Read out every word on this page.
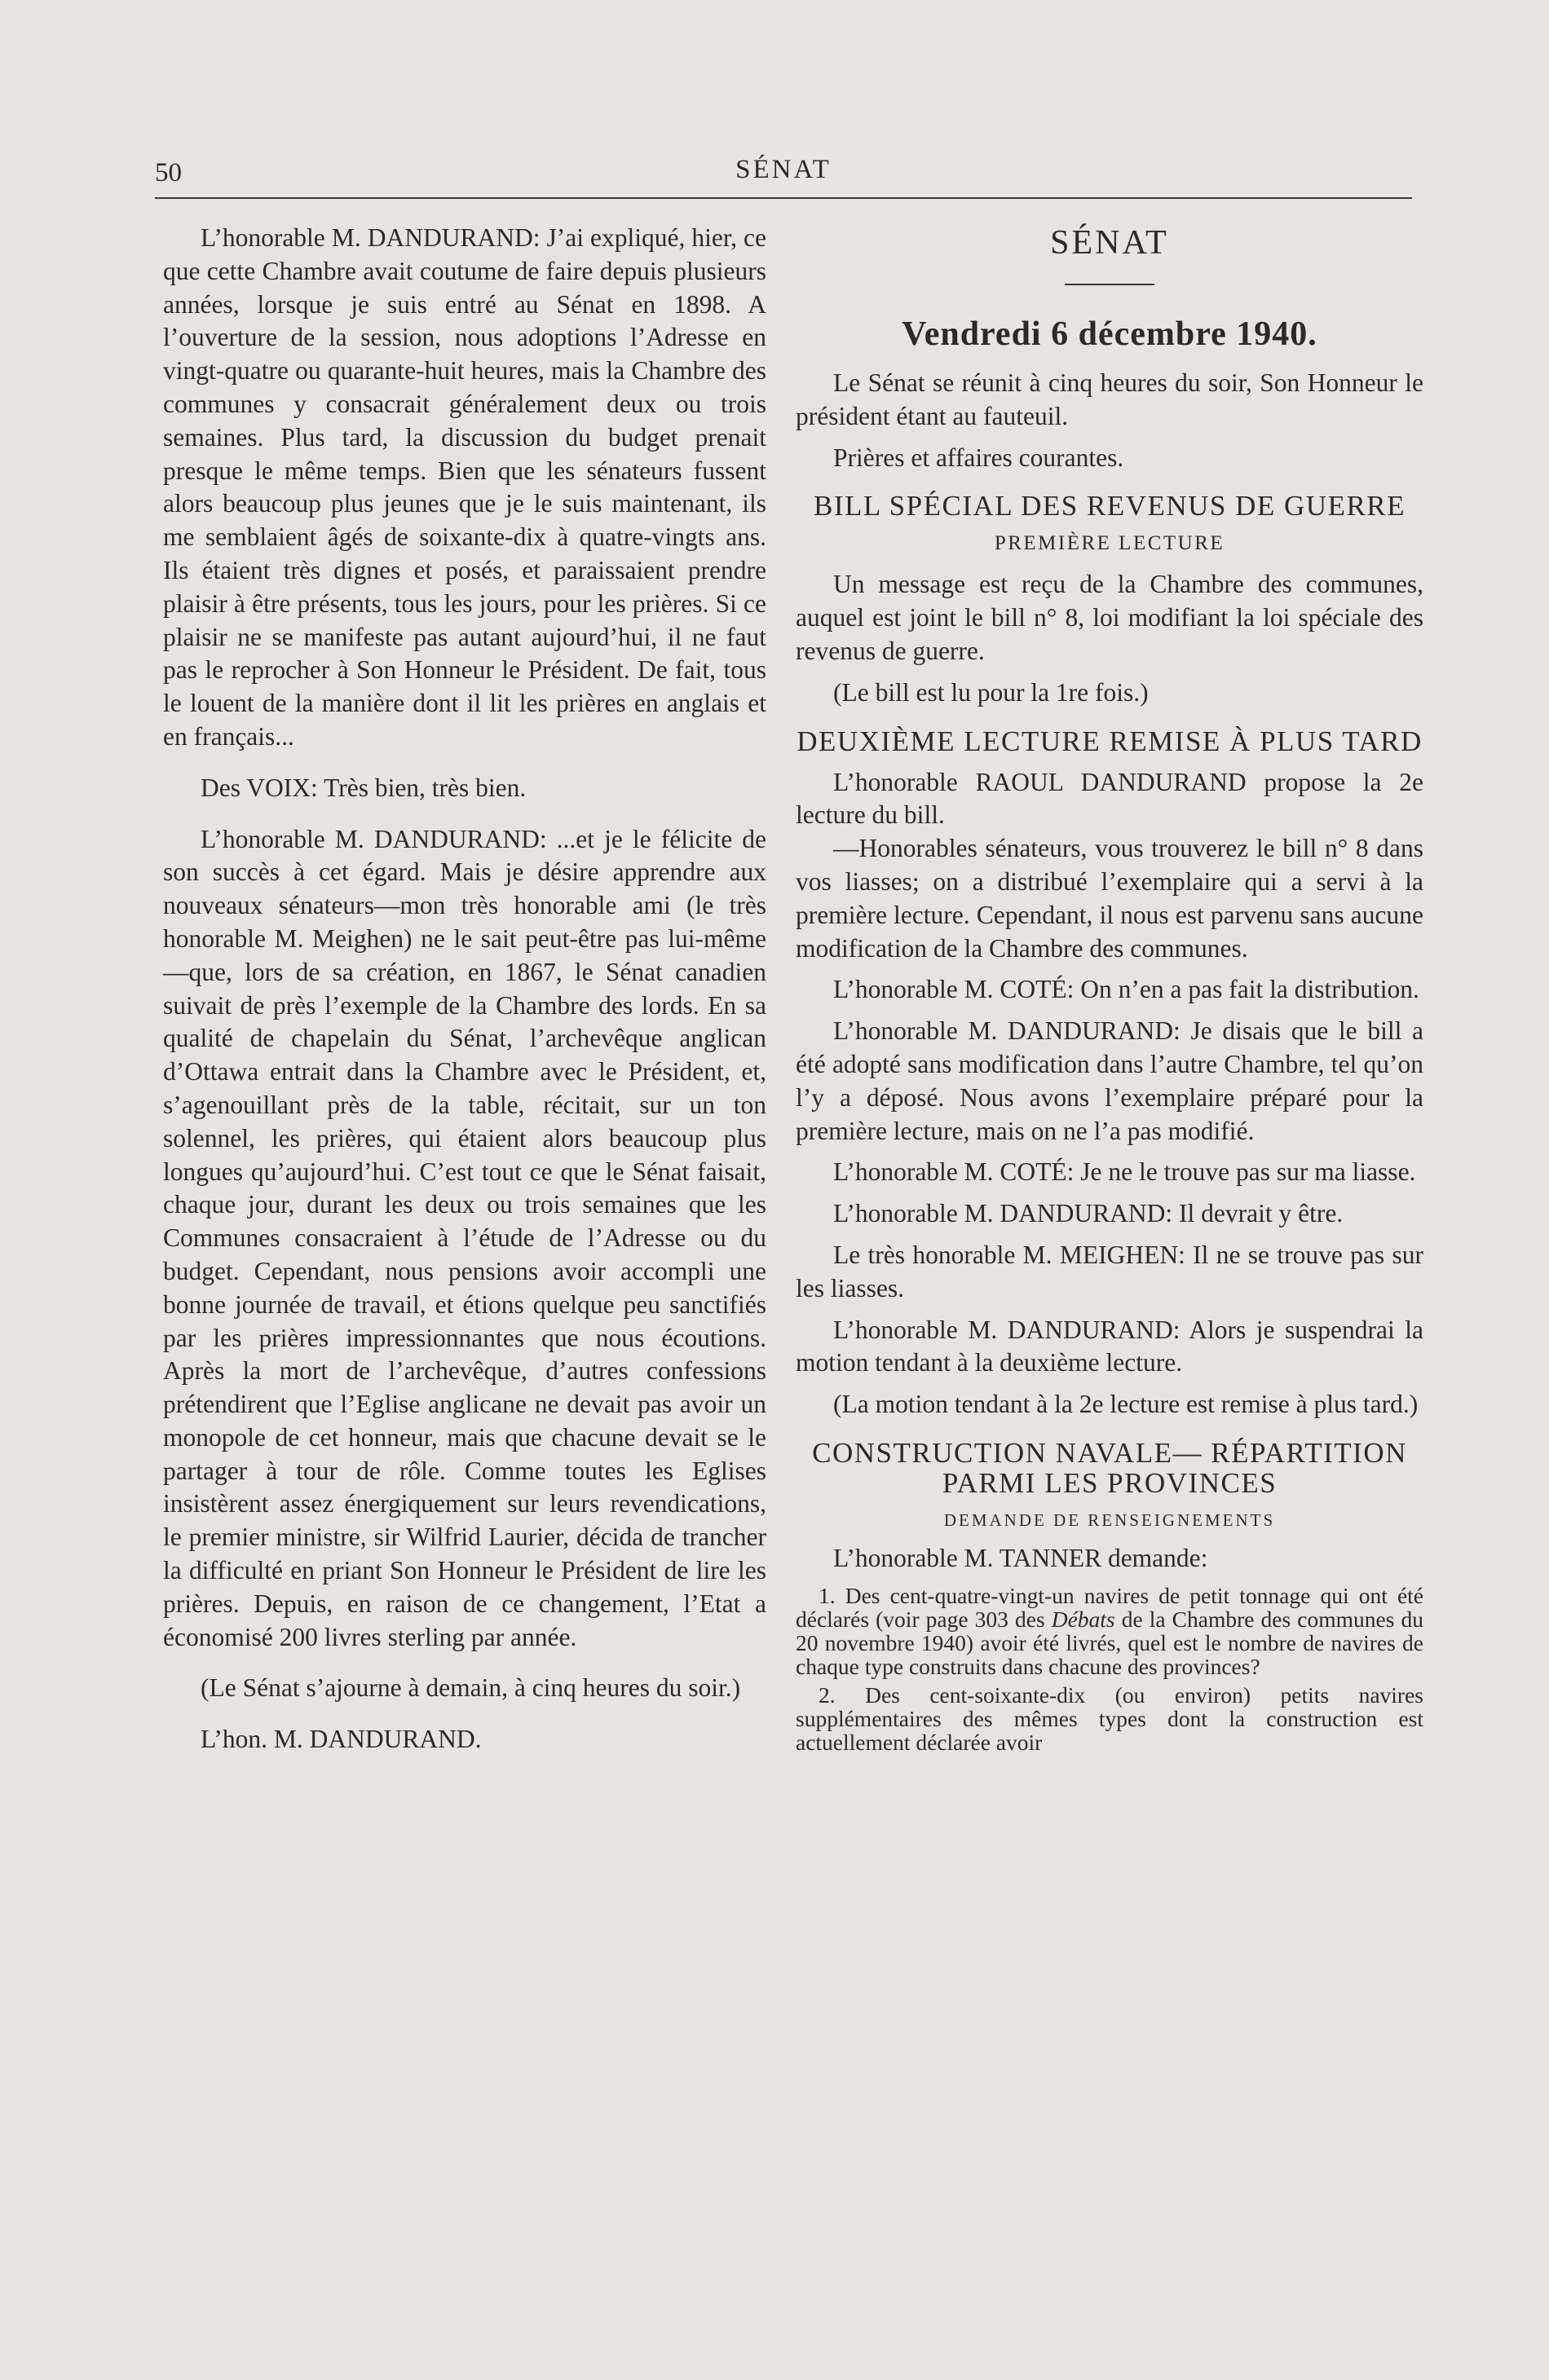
50	SÉNAT

L’honorable M. DANDURAND: J’ai expliqué, hier, ce que cette Chambre avait coutume de faire depuis plusieurs années, lorsque je suis entré au Sénat en 1898. A l’ouverture de la session, nous adoptions l’Adresse en vingt-quatre ou quarante-huit heures, mais la Chambre des communes y consacrait généralement deux ou trois semaines. Plus tard, la discussion du budget prenait presque le même temps. Bien que les sénateurs fussent alors beaucoup plus jeunes que je le suis maintenant, ils me semblaient âgés de soixante-dix à quatre-vingts ans. Ils étaient très dignes et posés, et paraissaient prendre plaisir à être présents, tous les jours, pour les prières. Si ce plaisir ne se manifeste pas autant aujourd’hui, il ne faut pas le reprocher à Son Honneur le Président. De fait, tous le louent de la manière dont il lit les prières en anglais et en français...

Des VOIX: Très bien, très bien.

L’honorable M. DANDURAND: ...et je le félicite de son succès à cet égard. Mais je désire apprendre aux nouveaux sénateurs—mon très honorable ami (le très honorable M. Meighen) ne le sait peut-être pas lui-même—que, lors de sa création, en 1867, le Sénat canadien suivait de près l’exemple de la Chambre des lords. En sa qualité de chapelain du Sénat, l’archevêque anglican d’Ottawa entrait dans la Chambre avec le Président, et, s’agenouillant près de la table, récitait, sur un ton solennel, les prières, qui étaient alors beaucoup plus longues qu’aujourd’hui. C’est tout ce que le Sénat faisait, chaque jour, durant les deux ou trois semaines que les Communes consacraient à l’étude de l’Adresse ou du budget. Cependant, nous pensions avoir accompli une bonne journée de travail, et étions quelque peu sanctifiés par les prières impressionnantes que nous écoutions. Après la mort de l’archevêque, d’autres confessions prétendirent que l’Eglise anglicane ne devait pas avoir un monopole de cet honneur, mais que chacune devait se le partager à tour de rôle. Comme toutes les Eglises insistèrent assez énergiquement sur leurs revendications, le premier ministre, sir Wilfrid Laurier, décida de trancher la difficulté en priant Son Honneur le Président de lire les prières. Depuis, en raison de ce changement, l’Etat a économisé 200 livres sterling par année.

(Le Sénat s’ajourne à demain, à cinq heures du soir.)

L’hon. M. DANDURAND.

SÉNAT
Vendredi 6 décembre 1940.

Le Sénat se réunit à cinq heures du soir, Son Honneur le président étant au fauteuil.

Prières et affaires courantes.

BILL SPÉCIAL DES REVENUS DE GUERRE
PREMIÈRE LECTURE

Un message est reçu de la Chambre des communes, auquel est joint le bill n° 8, loi modifiant la loi spéciale des revenus de guerre.

(Le bill est lu pour la 1re fois.)

DEUXIÈME LECTURE REMISE À PLUS TARD

L’honorable RAOUL DANDURAND propose la 2e lecture du bill.

—Honorables sénateurs, vous trouverez le bill n° 8 dans vos liasses; on a distribué l’exemplaire qui a servi à la première lecture. Cependant, il nous est parvenu sans aucune modification de la Chambre des communes.

L’honorable M. COTÉ: On n’en a pas fait la distribution.

L’honorable M. DANDURAND: Je disais que le bill a été adopté sans modification dans l’autre Chambre, tel qu’on l’y a déposé. Nous avons l’exemplaire préparé pour la première lecture, mais on ne l’a pas modifié.

L’honorable M. COTÉ: Je ne le trouve pas sur ma liasse.

L’honorable M. DANDURAND: Il devrait y être.

Le très honorable M. MEIGHEN: Il ne se trouve pas sur les liasses.

L’honorable M. DANDURAND: Alors je suspendrai la motion tendant à la deuxième lecture.

(La motion tendant à la 2e lecture est remise à plus tard.)

CONSTRUCTION NAVALE— RÉPARTITION PARMI LES PROVINCES
DEMANDE DE RENSEIGNEMENTS

L’honorable M. TANNER demande:

1. Des cent-quatre-vingt-un navires de petit tonnage qui ont été déclarés (voir page 303 des Débats de la Chambre des communes du 20 novembre 1940) avoir été livrés, quel est le nombre de navires de chaque type construits dans chacune des provinces?

2. Des cent-soixante-dix (ou environ) petits navires supplémentaires des mêmes types dont la construction est actuellement déclarée avoir
